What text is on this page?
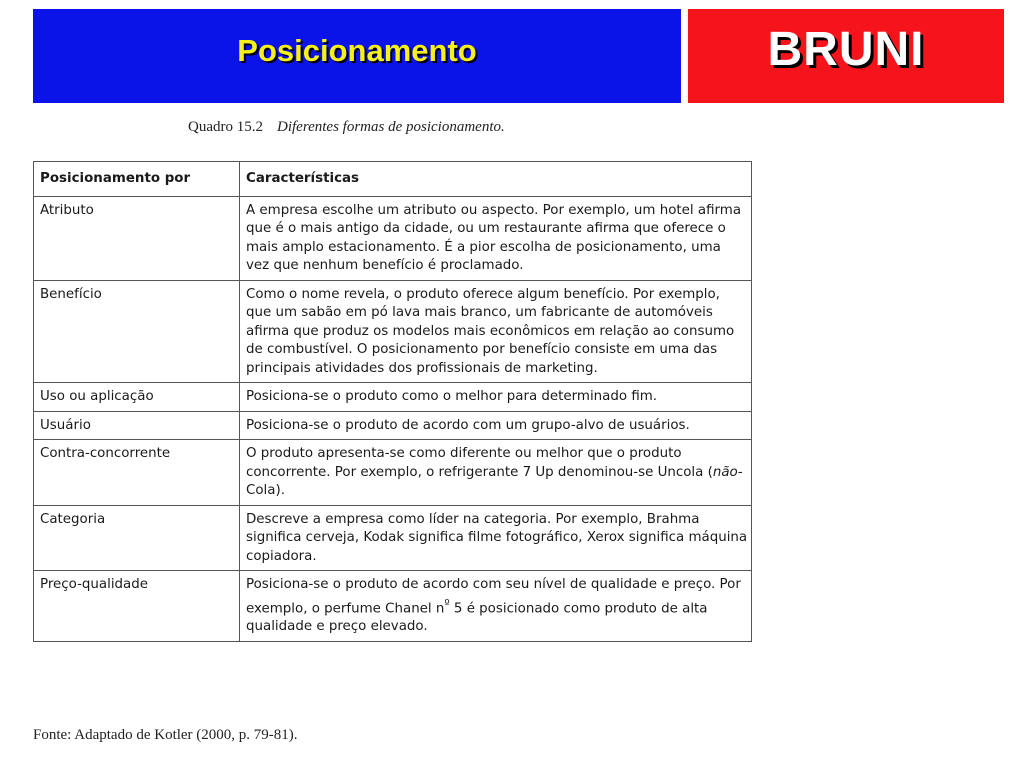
Posicionamento	BRUNI
Quadro 15.2 Diferentes formas de posicionamento.
Posicionamento por	Características
Atributo	A empresa escolhe um atributo ou aspecto. Por exemplo, um hotel afirma que é o mais antigo da cidade, ou um restaurante afirma que oferece o mais amplo estacionamento. É a pior escolha de posicionamento, uma vez que nenhum benefício é proclamado.
Benefício	Como o nome revela, o produto oferece algum benefício. Por exemplo, que um sabão em pó lava mais branco, um fabricante de automóveis afirma que produz os modelos mais econômicos em relação ao consumo de combustível. O posicionamento por benefício consiste em uma das principais atividades dos profissionais de marketing.
Uso ou aplicação	Posiciona-se o produto como o melhor para determinado fim.
Usuário	Posiciona-se o produto de acordo com um grupo-alvo de usuários.
Contra-concorrente	O produto apresenta-se como diferente ou melhor que o produto concorrente. Por exemplo, o refrigerante 7 Up denominou-se Uncola (não-Cola).
Categoria	Descreve a empresa como líder na categoria. Por exemplo, Brahma significa cerveja, Kodak significa filme fotográfico, Xerox significa máquina copiadora.
Preço-qualidade	Posiciona-se o produto de acordo com seu nível de qualidade e preço. Por exemplo, o perfume Chanel $n^º$ 5 é posicionado como produto de alta qualidade e preço elevado.
Fonte: Adaptado de Kotler (2000, p. 79-81).
